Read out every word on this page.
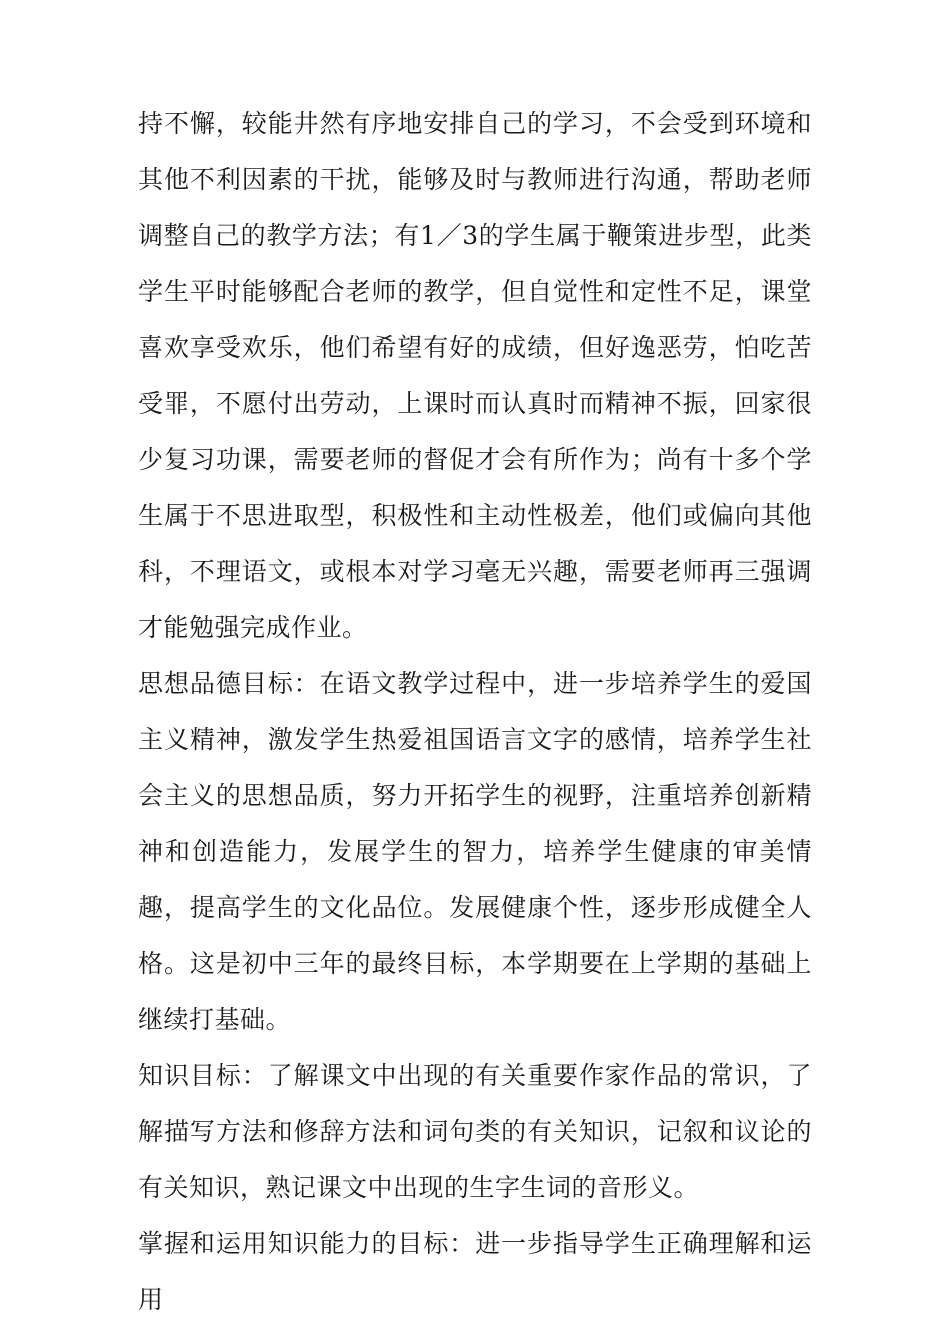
持不懈，较能井然有序地安排自己的学习，不会受到环境和其他不利因素的干扰，能够及时与教师进行沟通，帮助老师调整自己的教学方法；有1／3的学生属于鞭策进步型，此类学生平时能够配合老师的教学，但自觉性和定性不足，课堂喜欢享受欢乐，他们希望有好的成绩，但好逸恶劳，怕吃苦受罪，不愿付出劳动，上课时而认真时而精神不振，回家很少复习功课，需要老师的督促才会有所作为；尚有十多个学生属于不思进取型，积极性和主动性极差，他们或偏向其他科，不理语文，或根本对学习毫无兴趣，需要老师再三强调才能勉强完成作业。

思想品德目标：在语文教学过程中，进一步培养学生的爱国主义精神，激发学生热爱祖国语言文字的感情，培养学生社会主义的思想品质，努力开拓学生的视野，注重培养创新精神和创造能力，发展学生的智力，培养学生健康的审美情趣，提高学生的文化品位。发展健康个性，逐步形成健全人格。这是初中三年的最终目标，本学期要在上学期的基础上继续打基础。

知识目标：了解课文中出现的有关重要作家作品的常识，了解描写方法和修辞方法和词句类的有关知识，记叙和议论的有关知识，熟记课文中出现的生字生词的音形义。

掌握和运用知识能力的目标：进一步指导学生正确理解和运用
